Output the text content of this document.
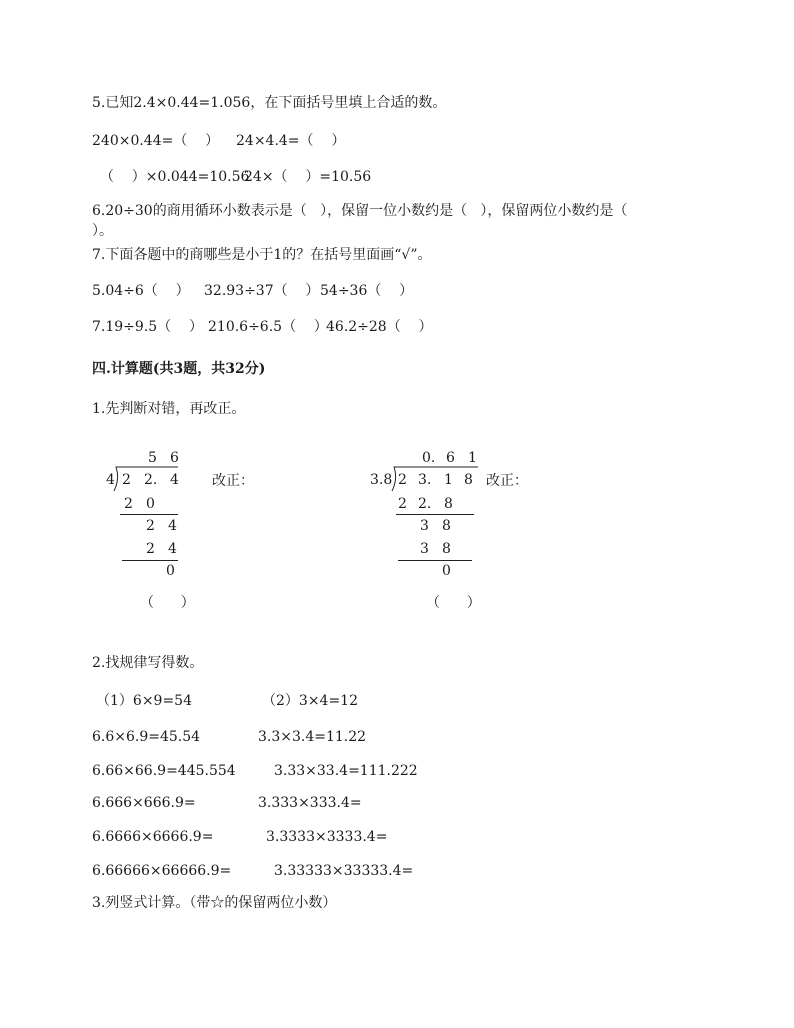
5.已知2.4×0.44=1.056，在下面括号里填上合适的数。
240×0.44=（    ） 24×4.4=（    ）
（    ）×0.044=10.56
24×（    ）=10.56
6.20÷30的商用循环小数表示是（   ），保留一位小数约是（   ），保留两位小数约是（
）。
7.下面各题中的商哪些是小于1的？在括号里面画“√”。
5.04÷6（    ） 32.93÷37（    ） 54÷36（    ）
7.19÷9.5（    ） 210.6÷6.5（    ）
46.2÷28（    ）
四.计算题(共3题，共32分)
1.先判断对错，再改正。
5 6
4 2 2. 4
2 0
2 4
2 4
0
改正：
（      ）
0. 6 1
3.8 2 3. 1 8
2 2. 8
3 8
3 8
0
改正：
（      ）
2.找规律写得数。
（1）6×9=54	（2）3×4=12
6.6×6.9=45.54	3.3×3.4=11.22
6.66×66.9=445.554	3.33×33.4=111.222
6.666×666.9=	3.333×333.4=
6.6666×6666.9=	3.3333×3333.4=
6.66666×66666.9=	3.33333×33333.4=
3.列竖式计算。（带☆的保留两位小数）
